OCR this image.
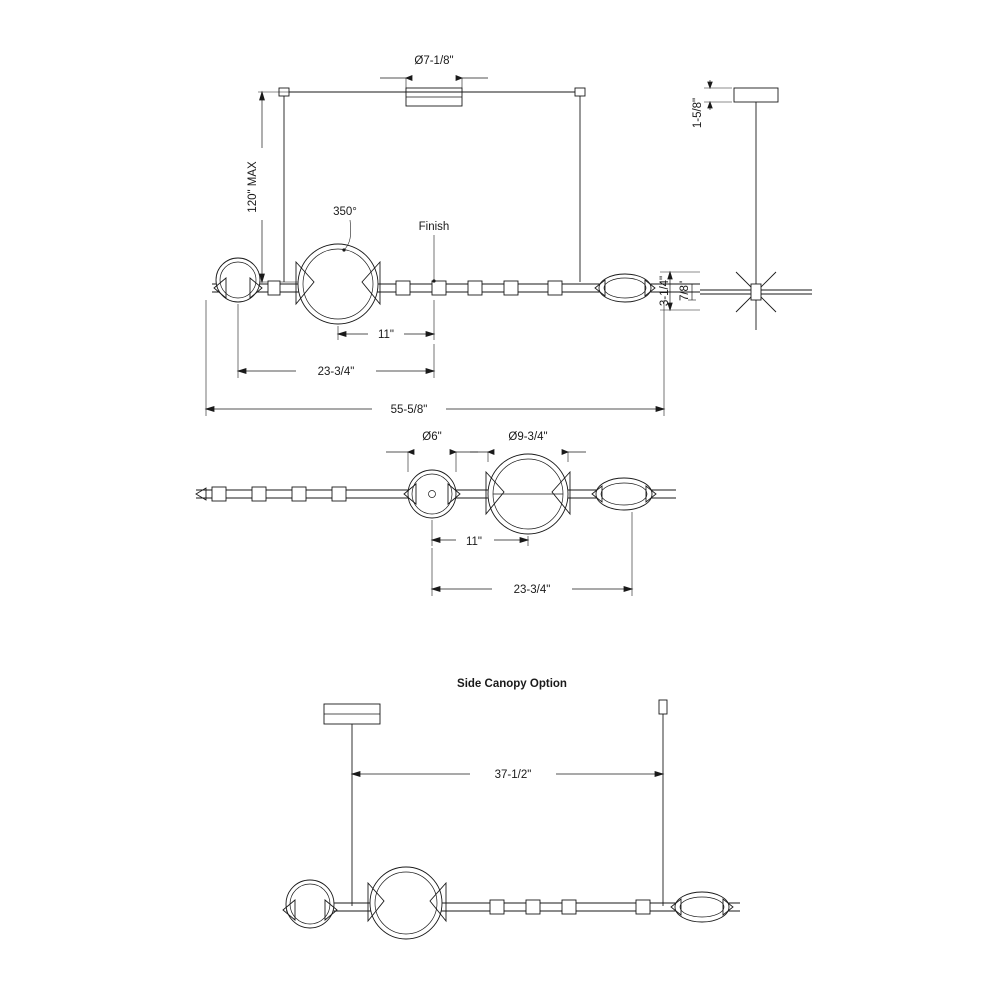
Ø7-1/8"
120" MAX	350°
Finish
11"
23-3/4"
55-5/8"
1-5/8"
3-1/4" 7/8"
Ø6"	Ø9-3/4"
11"
23-3/4"
Side Canopy Option
37-1/2"
